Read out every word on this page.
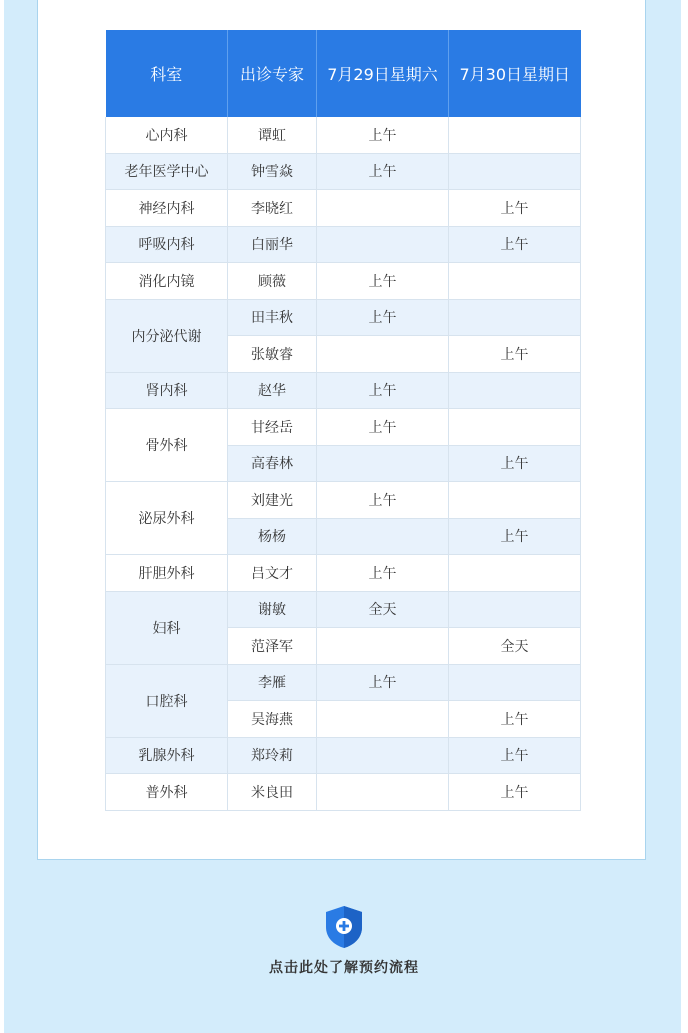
科室	出诊专家	7月29日星期六	7月30日星期日
心内科	谭虹	上午	
老年医学中心	钟雪焱	上午	
神经内科	李晓红		上午
呼吸内科	白丽华		上午
消化内镜	顾薇	上午	
内分泌代谢	田丰秋	上午	
	张敏睿		上午
肾内科	赵华	上午	
骨外科	甘经岳	上午	
	高春林		上午
泌尿外科	刘建光	上午	
	杨杨		上午
肝胆外科	吕文才	上午	
妇科	谢敏	全天	
	范泽军		全天
口腔科	李雁	上午	
	吴海燕		上午
乳腺外科	郑玲莉		上午
普外科	米良田		上午
点击此处了解预约流程
